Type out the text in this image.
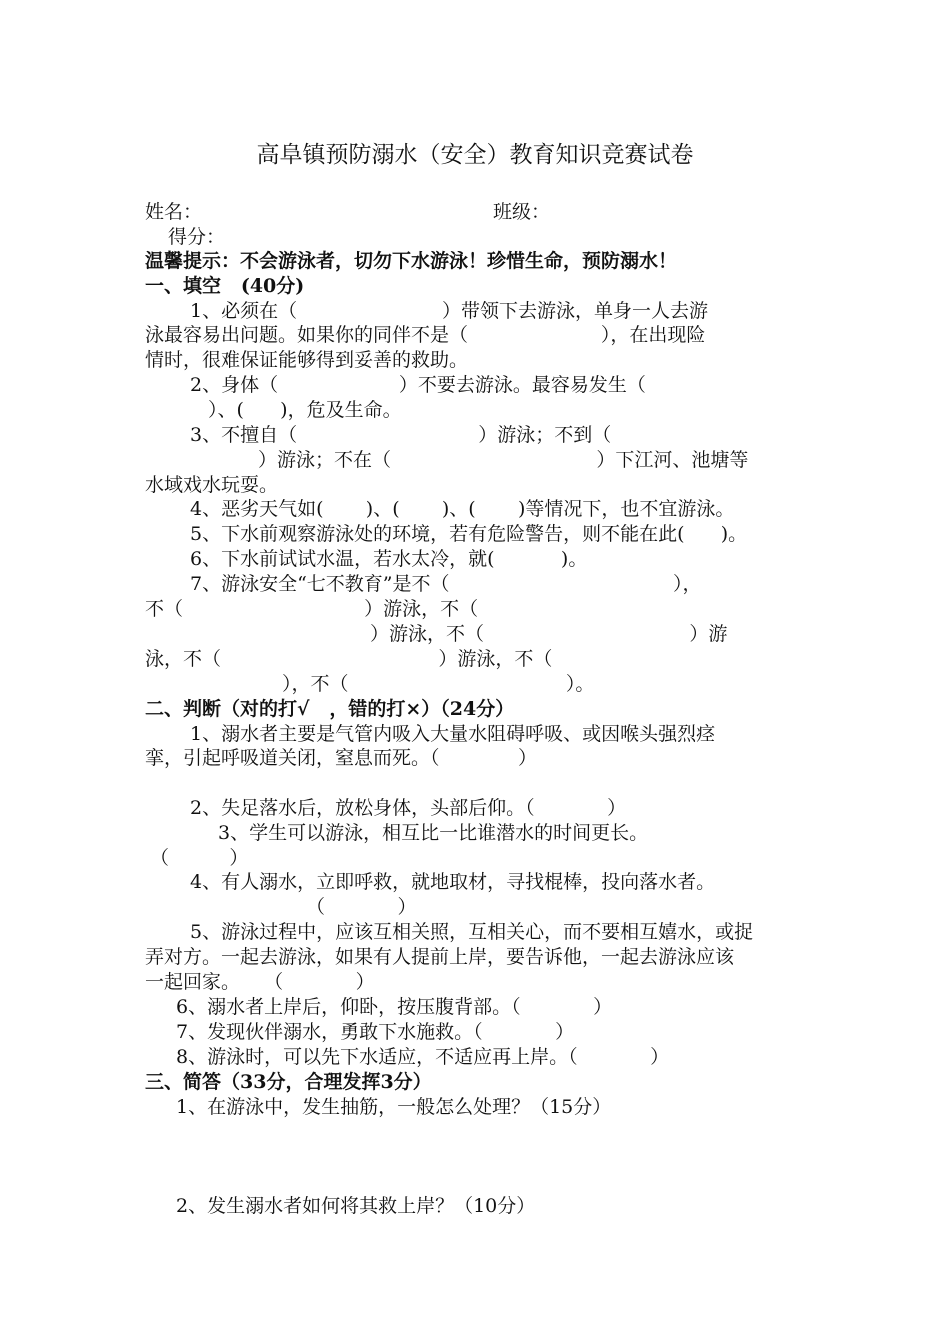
高阜镇预防溺水（安全）教育知识竞赛试卷
姓名：	班级：
得分：
温馨提示：不会游泳者，切勿下水游泳！珍惜生命，预防溺水！
一、填空   (40分)
1、必须在（                        ）带领下去游泳，单身一人去游
泳最容易出问题。如果你的同伴不是（                      ），在出现险
情时，很难保证能够得到妥善的救助。
2、身体（                    ）不要去游泳。最容易发生（
）、(      )，危及生命。
3、不擅自（                              ）游泳；不到（
）游泳；不在（                                  ）下江河、池塘等
水域戏水玩耍。
4、恶劣天气如(       )、(       )、(       )等情况下，也不宜游泳。
5、下水前观察游泳处的环境，若有危险警告，则不能在此(      )。
6、下水前试试水温，若水太冷，就(           )。
7、游泳安全“七不教育”是不（                                     ），
不（                              ）游泳，不（
）游泳，不（                                  ）游
泳，不（                                    ）游泳，不（
），不（                                    ）。
二、判断（对的打√   ，错的打×）（24分）
1、溺水者主要是气管内吸入大量水阻碍呼吸、或因喉头强烈痉
挛，引起呼吸道关闭，窒息而死。（             ）
2、失足落水后，放松身体，头部后仰。（            ）
3、学生可以游泳，相互比一比谁潜水的时间更长。
（          ）
4、有人溺水，立即呼救，就地取材，寻找棍棒，投向落水者。
（            ）
5、游泳过程中，应该互相关照，互相关心，而不要相互嬉水，或捉
弄对方。一起去游泳，如果有人提前上岸，要告诉他，一起去游泳应该
一起回家。    （            ）
6、溺水者上岸后，仰卧，按压腹背部。（            ）
7、发现伙伴溺水，勇敢下水施救。（            ）
8、游泳时，可以先下水适应，不适应再上岸。（            ）
三、简答（33分，合理发挥3分）
1、在游泳中，发生抽筋，一般怎么处理？（15分）
2、发生溺水者如何将其救上岸？（10分）
